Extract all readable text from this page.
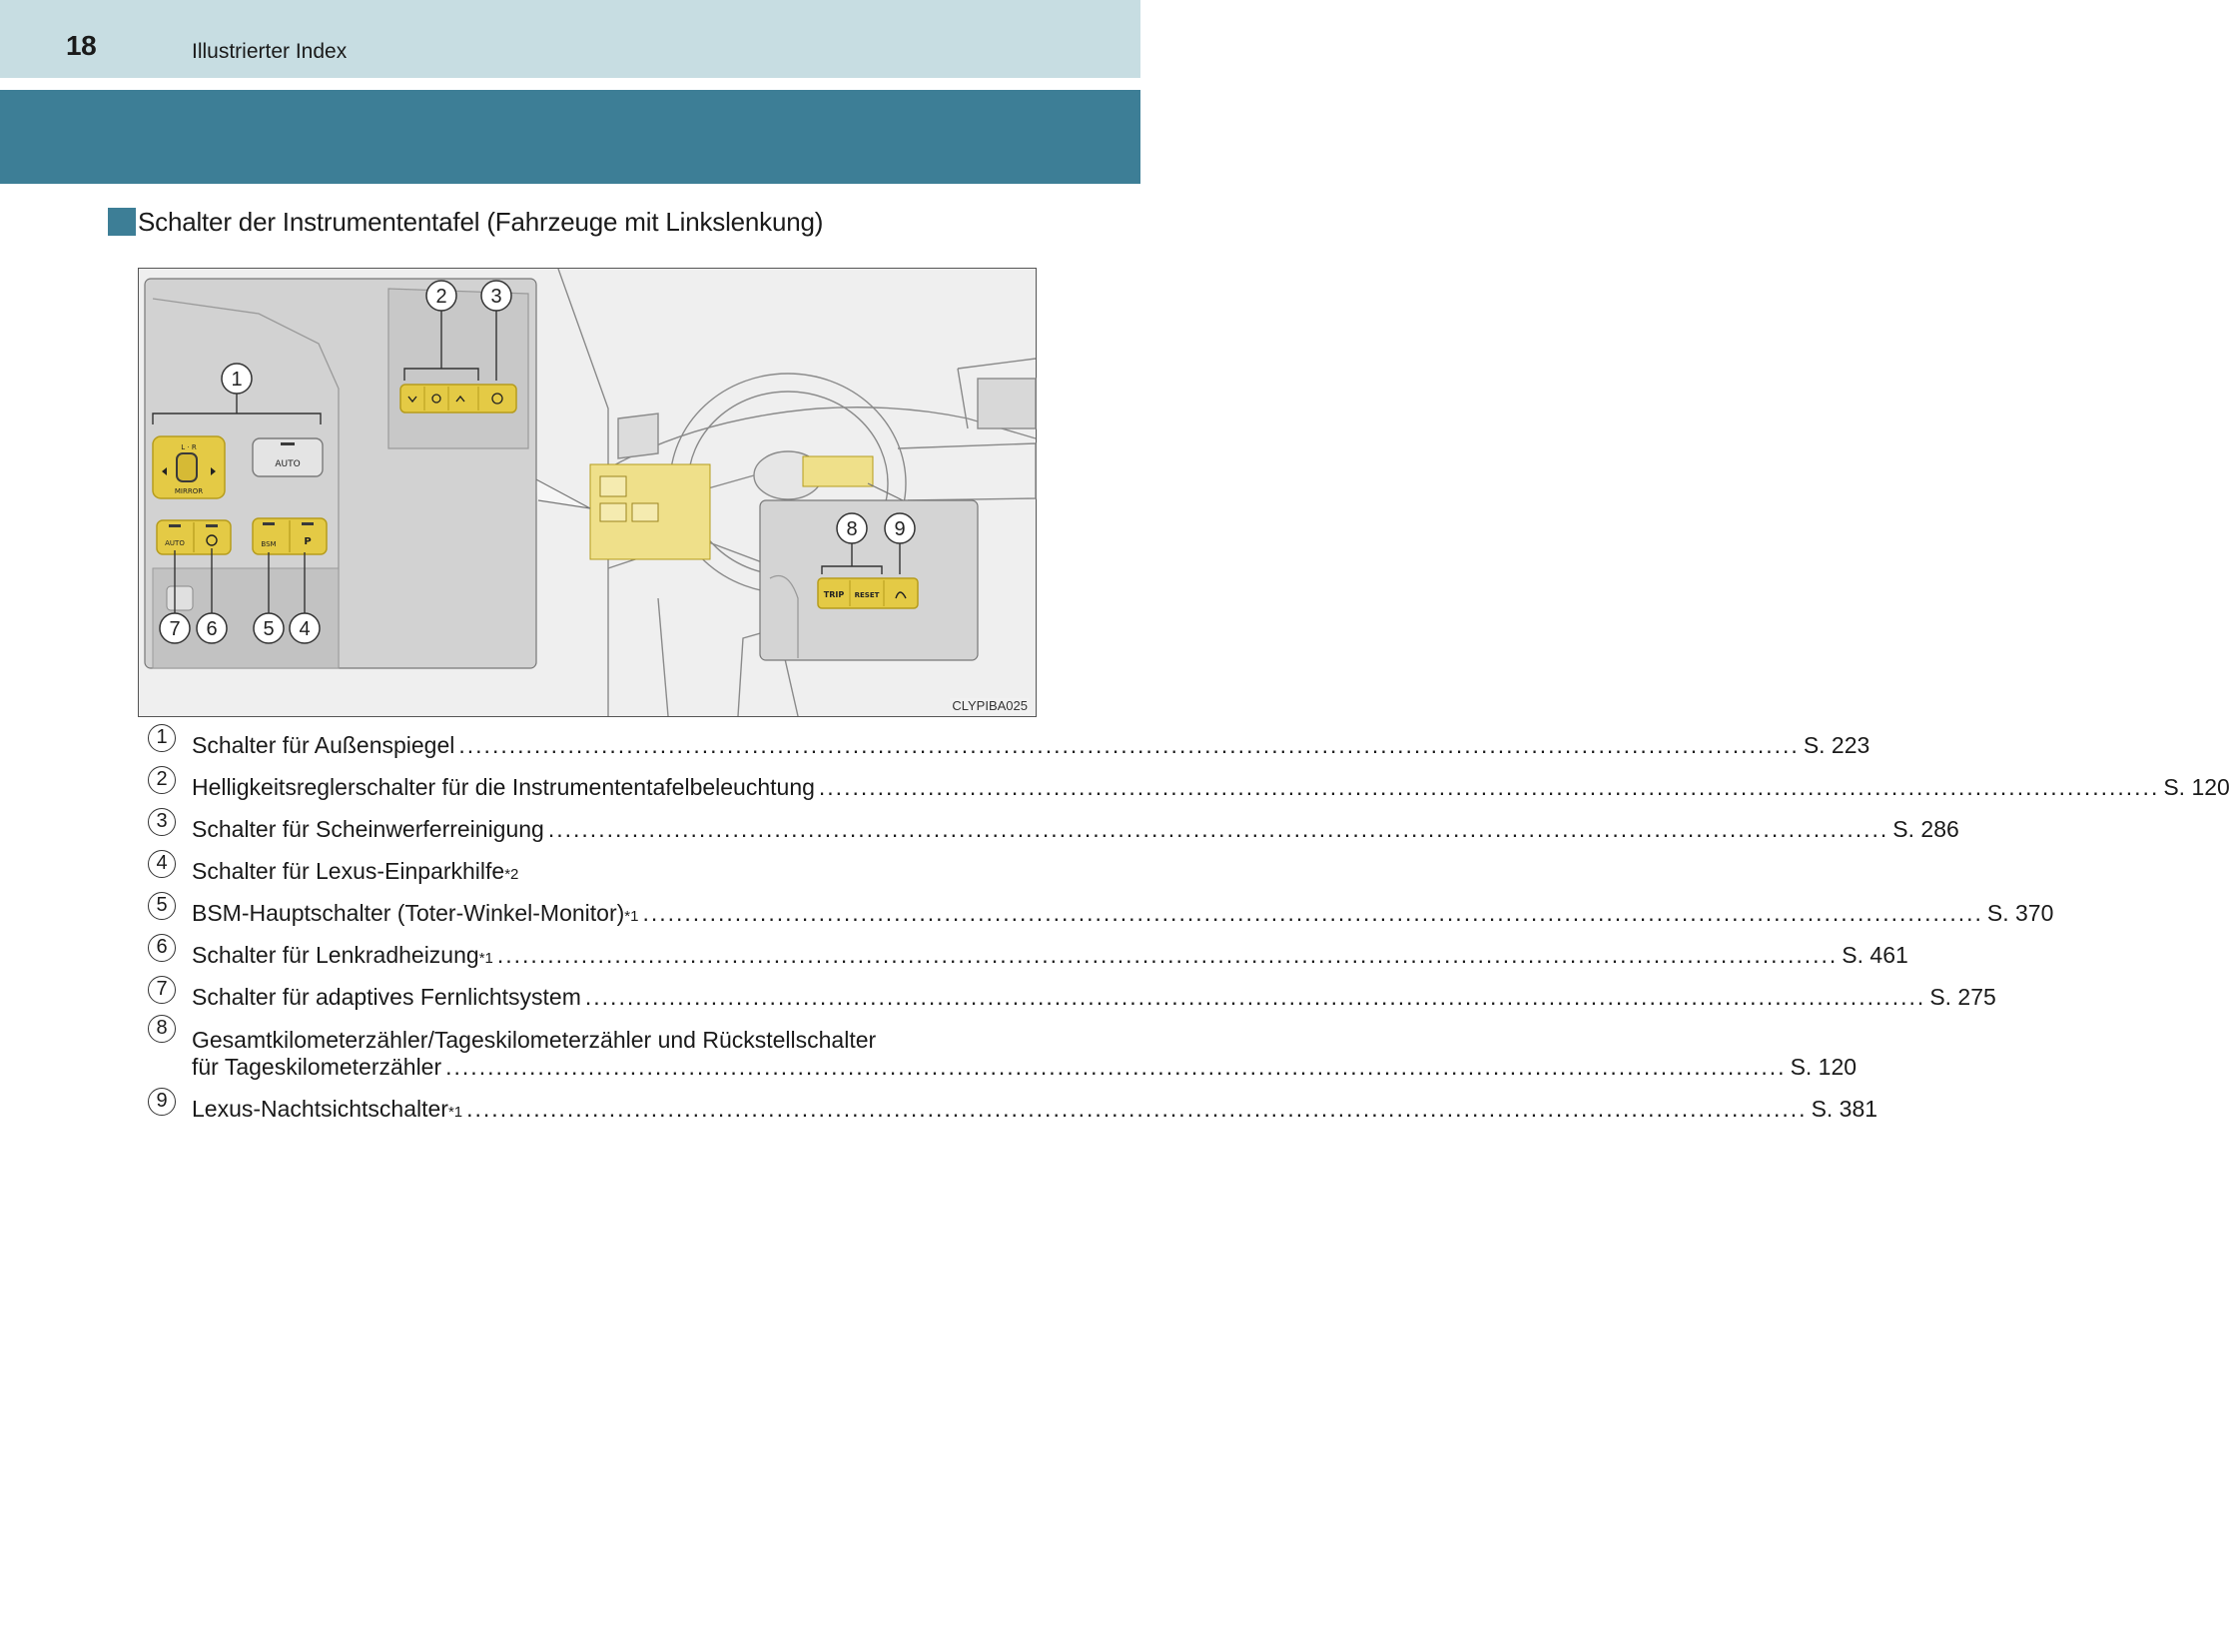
18	Illustrierter Index
Schalter der Instrumententafel (Fahrzeuge mit Linkslenkung)
L · R
MIRROR
AUTO
AUTO	BSM	P
TRIP RESET
1
2 3
7 6 5 4
8 9
CLYPIBA025
1	Schalter für Außenspiegel .....	S. 223
2	Helligkeitsreglerschalter für die Instrumententafelbeleuchtung .....	S. 120
3	Schalter für Scheinwerferreinigung .....	S. 286
4	Schalter für Lexus-Einparkhilfe *2
5	BSM-Hauptschalter (Toter-Winkel-Monitor) *1 .....	S. 370
6	Schalter für Lenkradheizung *1 .....	S. 461
7	Schalter für adaptives Fernlichtsystem .....	S. 275
8	Gesamtkilometerzähler/Tageskilometerzähler und Rückstellschalter
für Tageskilometerzähler .....	S. 120
9	Lexus-Nachtsichtschalter *1 .....	S. 381
